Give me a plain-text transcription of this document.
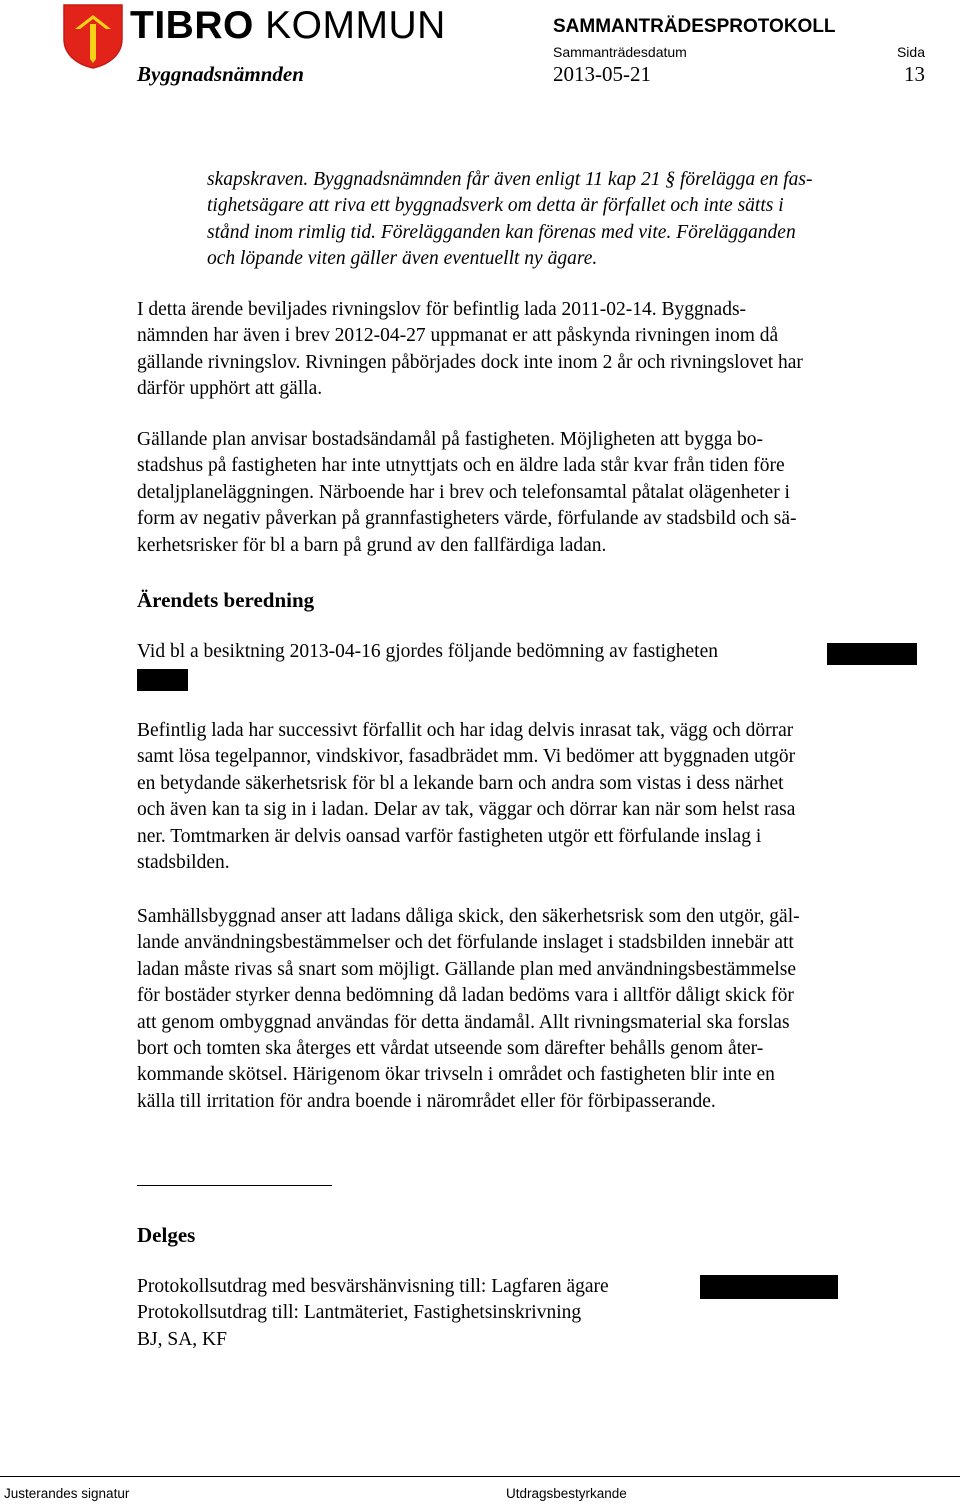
TIBRO KOMMUN	SAMMANTRÄDESPROTOKOLL
Sammanträdesdatum	Sida
Byggnadsnämnden	2013-05-21	13
skapskraven. Byggnadsnämnden får även enligt 11 kap 21 § förelägga en fas-
tighetsägare att riva ett byggnadsverk om detta är förfallet och inte sätts i
stånd inom rimlig tid. Förelägganden kan förenas med vite. Förelägganden
och löpande viten gäller även eventuellt ny ägare.
I detta ärende beviljades rivningslov för befintlig lada 2011-02-14. Byggnads-
nämnden har även i brev 2012-04-27 uppmanat er att påskynda rivningen inom då
gällande rivningslov. Rivningen påbörjades dock inte inom 2 år och rivningslovet har
därför upphört att gälla.
Gällande plan anvisar bostadsändamål på fastigheten. Möjligheten att bygga bo-
stadshus på fastigheten har inte utnyttjats och en äldre lada står kvar från tiden före
detaljplaneläggningen. Närboende har i brev och telefonsamtal påtalat olägenheter i
form av negativ påverkan på grannfastigheters värde, förfulande av stadsbild och sä-
kerhetsrisker för bl a barn på grund av den fallfärdiga ladan.
Ärendets beredning
Vid bl a besiktning 2013-04-16 gjordes följande bedömning av fastigheten
Befintlig lada har successivt förfallit och har idag delvis inrasat tak, vägg och dörrar
samt lösa tegelpannor, vindskivor, fasadbrädet mm. Vi bedömer att byggnaden utgör
en betydande säkerhetsrisk för bl a lekande barn och andra som vistas i dess närhet
och även kan ta sig in i ladan. Delar av tak, väggar och dörrar kan när som helst rasa
ner. Tomtmarken är delvis oansad varför fastigheten utgör ett förfulande inslag i
stadsbilden.
Samhällsbyggnad anser att ladans dåliga skick, den säkerhetsrisk som den utgör, gäl-
lande användningsbestämmelser och det förfulande inslaget i stadsbilden innebär att
ladan måste rivas så snart som möjligt. Gällande plan med användningsbestämmelse
för bostäder styrker denna bedömning då ladan bedöms vara i alltför dåligt skick för
att genom ombyggnad användas för detta ändamål. Allt rivningsmaterial ska forslas
bort och tomten ska återges ett vårdat utseende som därefter behålls genom åter-
kommande skötsel. Härigenom ökar trivseln i området och fastigheten blir inte en
källa till irritation för andra boende i närområdet eller för förbipasserande.
Delges
Protokollsutdrag med besvärshänvisning till: Lagfaren ägare
Protokollsutdrag till: Lantmäteriet, Fastighetsinskrivning
BJ, SA, KF
Justerandes signatur	Utdragsbestyrkande
